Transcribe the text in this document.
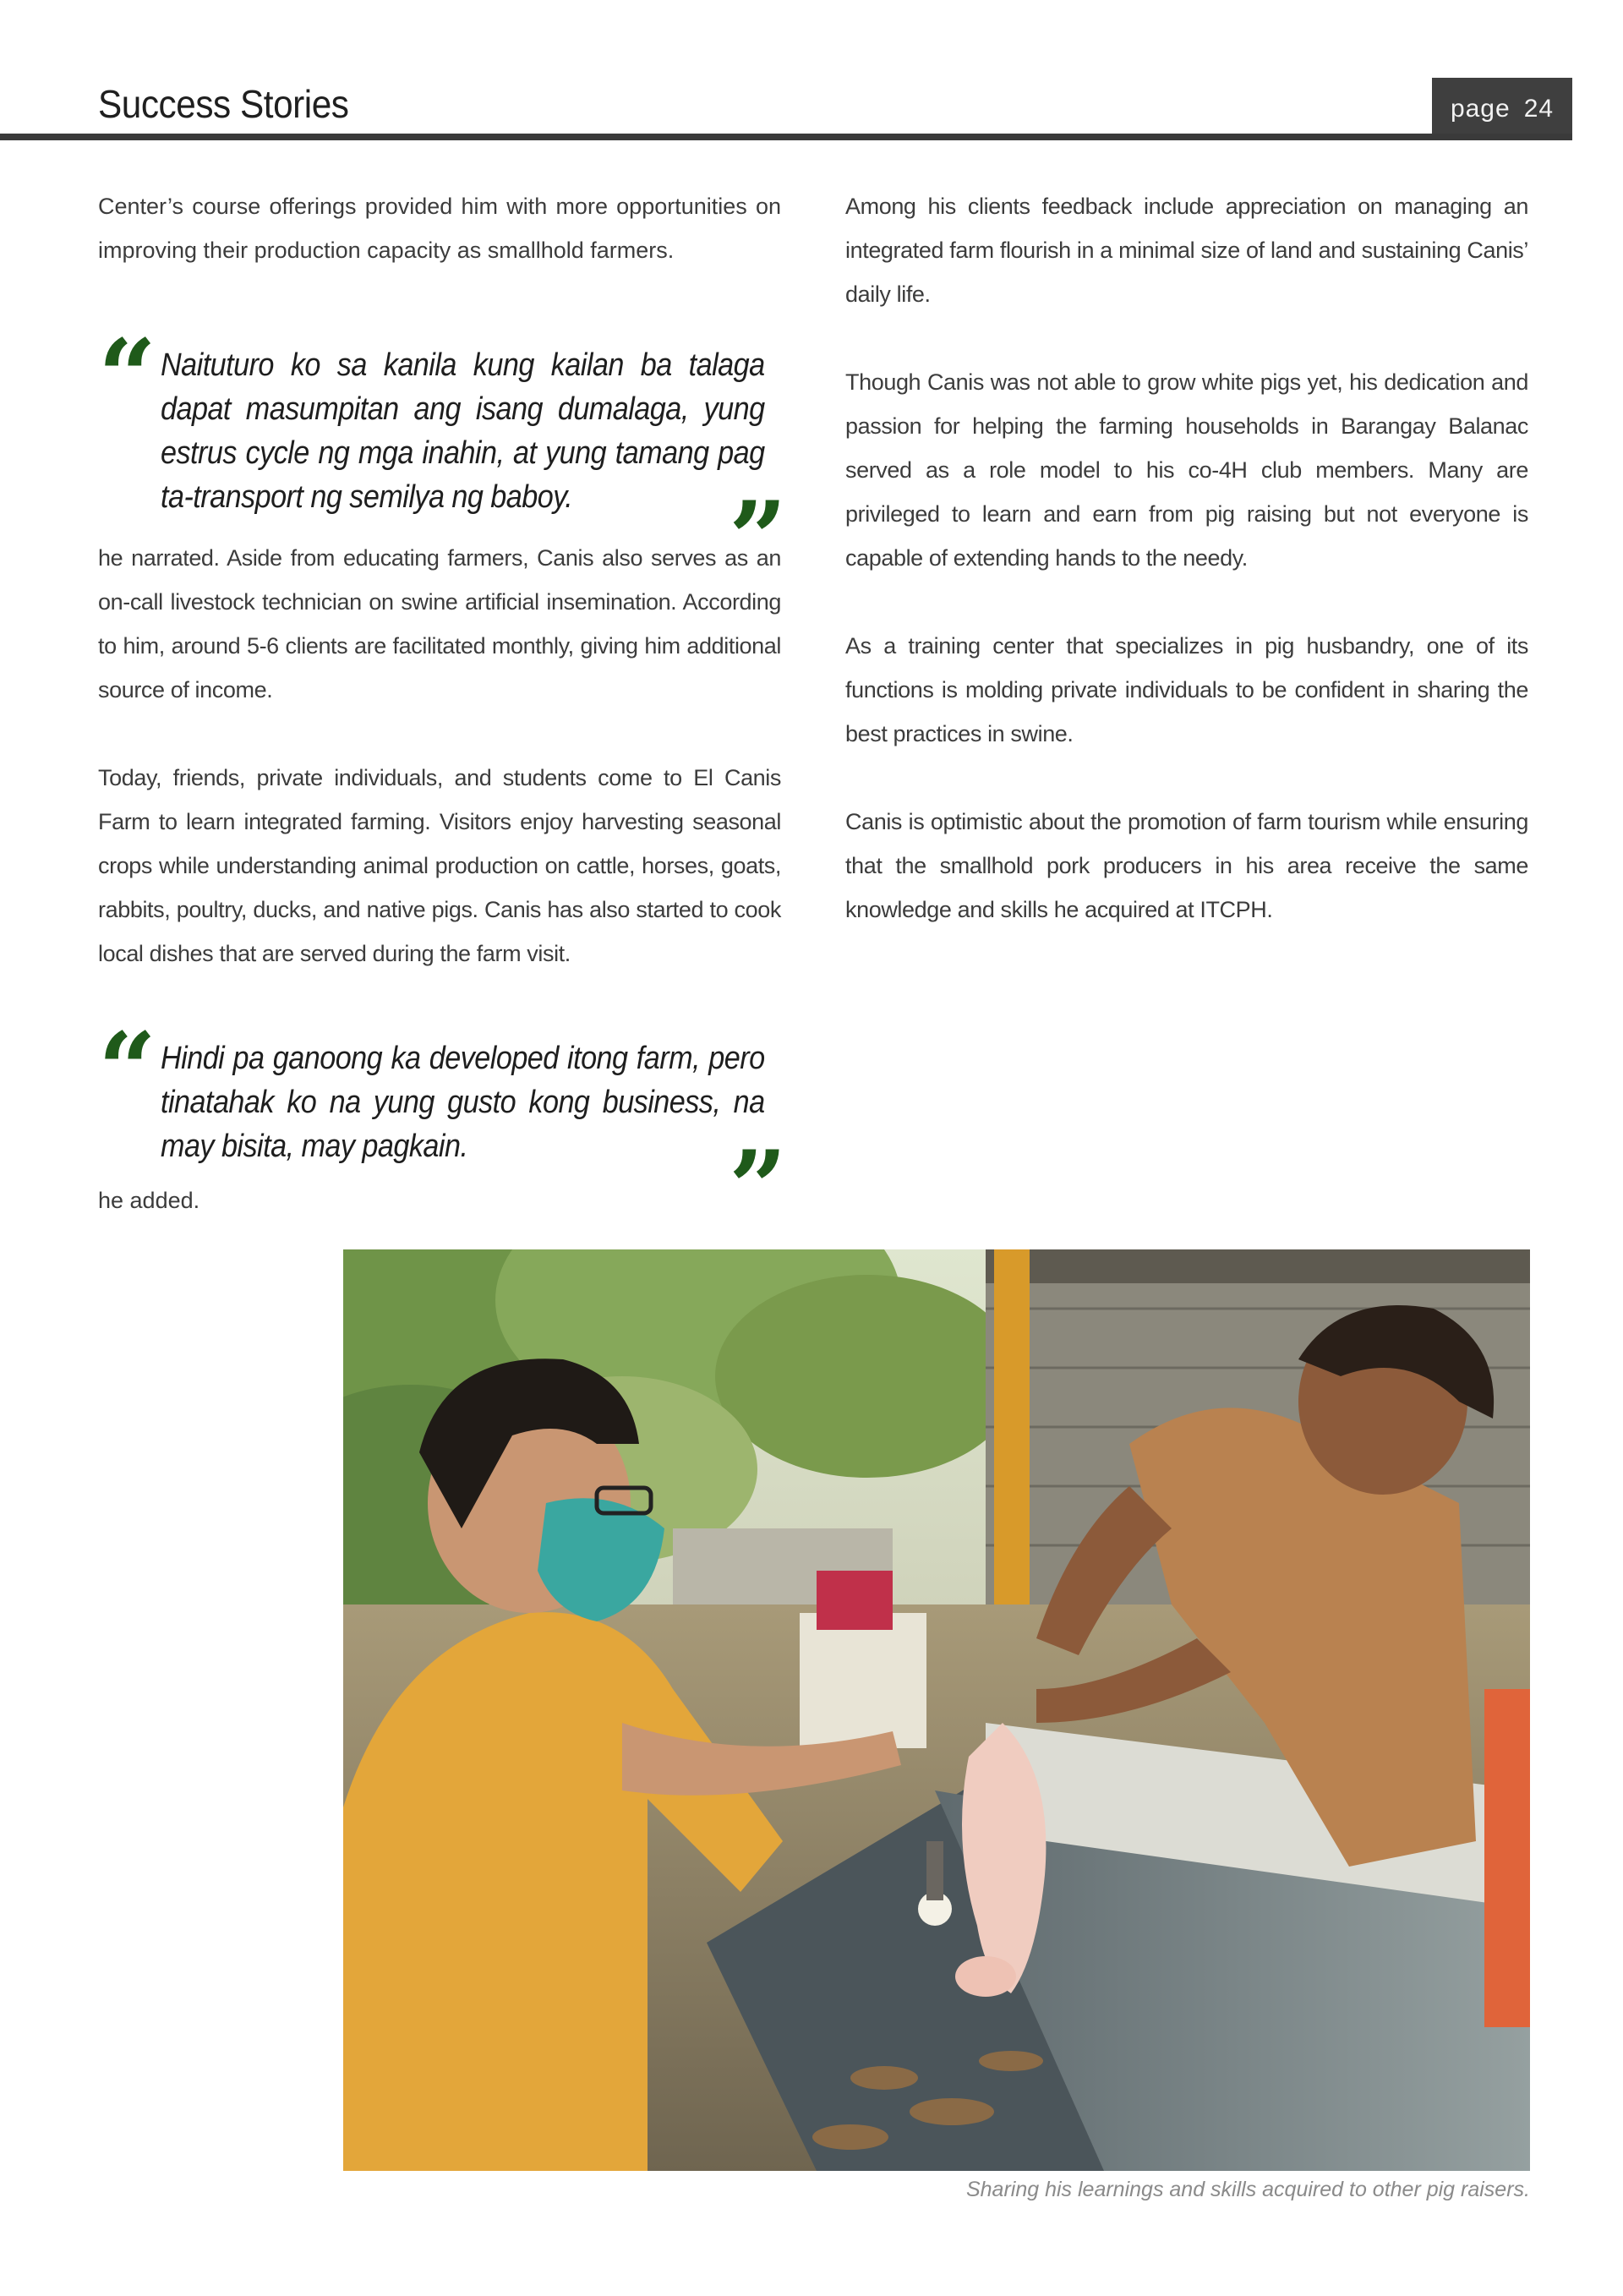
Success Stories	page 24

Center’s course offerings provided him with more opportunities on improving their production capacity as smallhold farmers.

“ Naituturo ko sa kanila kung kailan ba talaga dapat masumpitan ang isang dumalaga, yung estrus cycle ng mga inahin, at yung tamang pag ta-transport ng semilya ng baboy.	”

he narrated. Aside from educating farmers, Canis also serves as an on-call livestock technician on swine artificial insemination. According to him, around 5-6 clients are facilitated monthly, giving him additional source of income.

Today, friends, private individuals, and students come to El Canis Farm to learn integrated farming. Visitors enjoy harvesting seasonal crops while understanding animal production on cattle, horses, goats, rabbits, poultry, ducks, and native pigs. Canis has also started to cook local dishes that are served during the farm visit.

“ Hindi pa ganoong ka developed itong farm, pero tinatahak ko na yung gusto kong business, na may bisita, may pagkain.	”

he added.

Among his clients feedback include appreciation on managing an integrated farm flourish in a minimal size of land and sustaining Canis’ daily life.

Though Canis was not able to grow white pigs yet, his dedication and passion for helping the farming households in Barangay Balanac served as a role model to his co-4H club members. Many are privileged to learn and earn from pig raising but not everyone is capable of extending hands to the needy.

As a training center that specializes in pig husbandry, one of its functions is molding private individuals to be confident in sharing the best practices in swine.

Canis is optimistic about the promotion of farm tourism while ensuring that the smallhold pork producers in his area receive the same knowledge and skills he acquired at ITCPH.

Sharing his learnings and skills acquired to other pig raisers.
